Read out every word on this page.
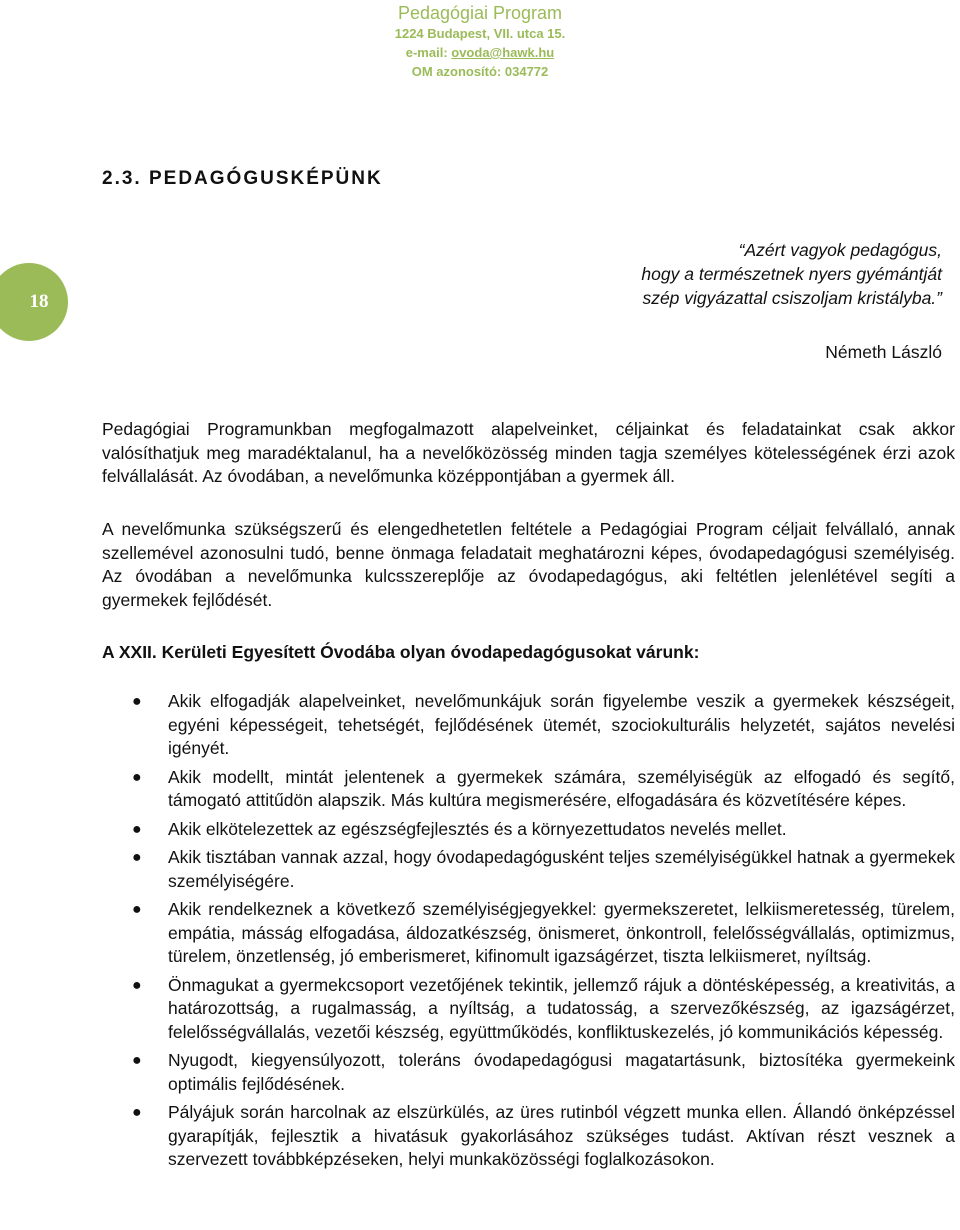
Pedagógiai Program
1224 Budapest, VII. utca 15.
e-mail: ovoda@hawk.hu
OM azonosító: 034772
18
2.3. PEDAGÓGUSKÉPÜNK
“Azért vagyok pedagógus,
hogy a természetnek nyers gyémántját
szép vigyázattal csiszoljam kristályba.”
Németh László

Pedagógiai Programunkban megfogalmazott alapelveinket, céljainkat és feladatainkat csak akkor valósíthatjuk meg maradéktalanul, ha a nevelőközösség minden tagja személyes kötelességének érzi azok felvállalását. Az óvodában, a nevelőmunka középpontjában a gyermek áll.

A nevelőmunka szükségszerű és elengedhetetlen feltétele a Pedagógiai Program céljait felvállaló, annak szellemével azonosulni tudó, benne önmaga feladatait meghatározni képes, óvodapedagógusi személyiség. Az óvodában a nevelőmunka kulcsszereplője az óvodapedagógus, aki feltétlen jelenlétével segíti a gyermekek fejlődését.

A XXII. Kerületi Egyesített Óvodába olyan óvodapedagógusokat várunk:
● Akik elfogadják alapelveinket, nevelőmunkájuk során figyelembe veszik a gyermekek készségeit, egyéni képességeit, tehetségét, fejlődésének ütemét, szociokulturális helyzetét, sajátos nevelési igényét.
● Akik modellt, mintát jelentenek a gyermekek számára, személyiségük az elfogadó és segítő, támogató attitűdön alapszik. Más kultúra megismerésére, elfogadására és közvetítésére képes.
● Akik elkötelezettek az egészségfejlesztés és a környezettudatos nevelés mellet.
● Akik tisztában vannak azzal, hogy óvodapedagógusként teljes személyiségükkel hatnak a gyermekek személyiségére.
● Akik rendelkeznek a következő személyiségjegyekkel: gyermekszeretet, lelkiismeretesség, türelem, empátia, másság elfogadása, áldozatkészség, önismeret, önkontroll, felelősségvállalás, optimizmus, türelem, önzetlenség, jó emberismeret, kifinomult igazságérzet, tiszta lelkiismeret, nyíltság.
● Önmagukat a gyermekcsoport vezetőjének tekintik, jellemző rájuk a döntésképesség, a kreativitás, a határozottság, a rugalmasság, a nyíltság, a tudatosság, a szervezőkészség, az igazságérzet, felelősségvállalás, vezetői készség, együttműködés, konfliktuskezelés, jó kommunikációs képesség.
● Nyugodt, kiegyensúlyozott, toleráns óvodapedagógusi magatartásunk, biztosítéka gyermekeink optimális fejlődésének.
● Pályájuk során harcolnak az elszürkülés, az üres rutinból végzett munka ellen. Állandó önképzéssel gyarapítják, fejlesztik a hivatásuk gyakorlásához szükséges tudást. Aktívan részt vesznek a szervezett továbbképzéseken, helyi munkaközösségi foglalkozásokon.
